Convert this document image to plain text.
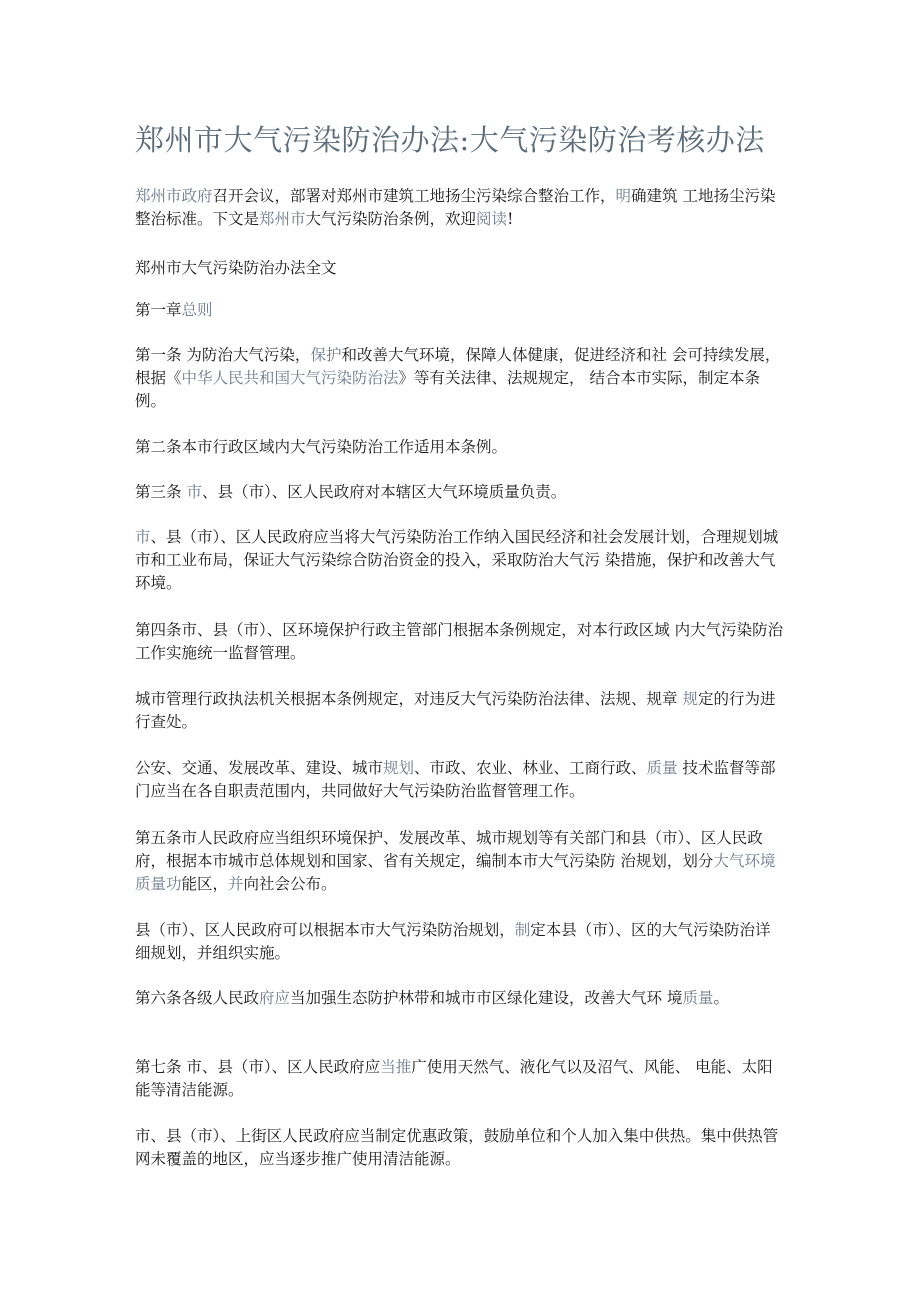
郑州市大气污染防治办法:大气污染防治考核办法

郑州市政府召开会议，部署对郑州市建筑工地扬尘污染综合整治工作，明确建筑 工地扬尘污染整治标准。下文是郑州市大气污染防治条例，欢迎阅读!

郑州市大气污染防治办法全文

第一章总则

第一条 为防治大气污染，保护和改善大气环境，保障人体健康，促进经济和社 会可持续发展，根据《中华人民共和国大气污染防治法》等有关法律、法规规定， 结合本市实际，制定本条例。

第二条本市行政区域内大气污染防治工作适用本条例。

第三条 市、县（市）、区人民政府对本辖区大气环境质量负责。

市、县（市）、区人民政府应当将大气污染防治工作纳入国民经济和社会发展计划，合理规划城市和工业布局，保证大气污染综合防治资金的投入，采取防治大气污 染措施，保护和改善大气环境。

第四条市、县（市）、区环境保护行政主管部门根据本条例规定，对本行政区域 内大气污染防治工作实施统一监督管理。

城市管理行政执法机关根据本条例规定，对违反大气污染防治法律、法规、规章 规定的行为进行查处。

公安、交通、发展改革、建设、城市规划、市政、农业、林业、工商行政、质量 技术监督等部门应当在各自职责范围内，共同做好大气污染防治监督管理工作。

第五条市人民政府应当组织环境保护、发展改革、城市规划等有关部门和县（市）、区人民政府，根据本市城市总体规划和国家、省有关规定，编制本市大气污染防 治规划，划分大气环境质量功能区，并向社会公布。

县（市）、区人民政府可以根据本市大气污染防治规划，制定本县（市）、区的大气污染防治详细规划，并组织实施。

第六条各级人民政府应当加强生态防护林带和城市市区绿化建设，改善大气环 境质量。

第七条 市、县（市）、区人民政府应当推广使用天然气、液化气以及沼气、风能、 电能、太阳能等清洁能源。

市、县（市）、上街区人民政府应当制定优惠政策，鼓励单位和个人加入集中供热。集中供热管网未覆盖的地区，应当逐步推广使用清洁能源。
